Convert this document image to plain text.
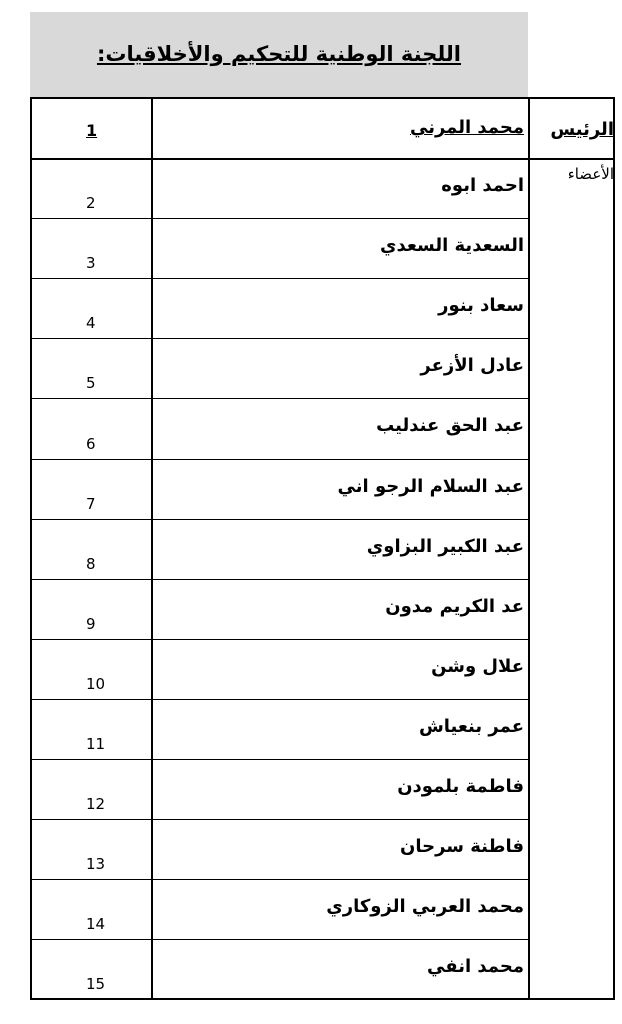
اللجنة الوطنية للتحكيم والأخلاقيات:
الرئيس
الأعضاء
1	محمد المرني
2
احمد ابوه
3
السعدية السعدي
4
سعاد بنور
5
عادل الأزعر
6
عبد الحق عندليب
7
عبد السلام الرجو اني
8
عبد الكبير البزاوي
9
عد الكريم مدون
10
علال وشن
11
عمر بنعياش
12
فاطمة بلمودن
13
فاطنة سرحان
14
محمد العربي الزوكاري
15
محمد انفي
